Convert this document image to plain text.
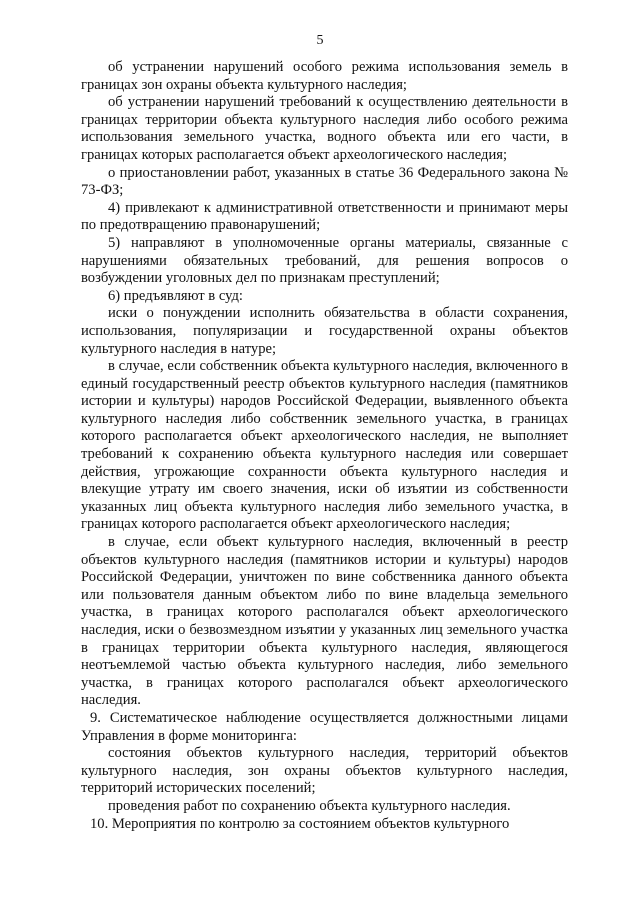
5

об устранении нарушений особого режима использования земель в границах зон охраны объекта культурного наследия;

об устранении нарушений требований к осуществлению деятельности в границах территории объекта культурного наследия либо особого режима использования земельного участка, водного объекта или его части, в границах которых располагается объект археологического наследия;

о приостановлении работ, указанных в статье 36 Федерального закона № 73-ФЗ;

4) привлекают к административной ответственности и принимают меры по предотвращению правонарушений;

5) направляют в уполномоченные органы материалы, связанные с нарушениями обязательных требований, для решения вопросов о возбуждении уголовных дел по признакам преступлений;

6) предъявляют в суд:

иски о понуждении исполнить обязательства в области сохранения, использования, популяризации и государственной охраны объектов культурного наследия в натуре;

в случае, если собственник объекта культурного наследия, включенного в единый государственный реестр объектов культурного наследия (памятников истории и культуры) народов Российской Федерации, выявленного объекта культурного наследия либо собственник земельного участка, в границах которого располагается объект археологического наследия, не выполняет требований к сохранению объекта культурного наследия или совершает действия, угрожающие сохранности объекта культурного наследия и влекущие утрату им своего значения, иски об изъятии из собственности указанных лиц объекта культурного наследия либо земельного участка, в границах которого располагается объект археологического наследия;

в случае, если объект культурного наследия, включенный в реестр объектов культурного наследия (памятников истории и культуры) народов Российской Федерации, уничтожен по вине собственника данного объекта или пользователя данным объектом либо по вине владельца земельного участка, в границах которого располагался объект археологического наследия, иски о безвозмездном изъятии у указанных лиц земельного участка в границах территории объекта культурного наследия, являющегося неотъемлемой частью объекта культурного наследия, либо земельного участка, в границах которого располагался объект археологического наследия.

9. Систематическое наблюдение осуществляется должностными лицами Управления в форме мониторинга:

состояния объектов культурного наследия, территорий объектов культурного наследия, зон охраны объектов культурного наследия, территорий исторических поселений;

проведения работ по сохранению объекта культурного наследия.

10. Мероприятия по контролю за состоянием объектов культурного
